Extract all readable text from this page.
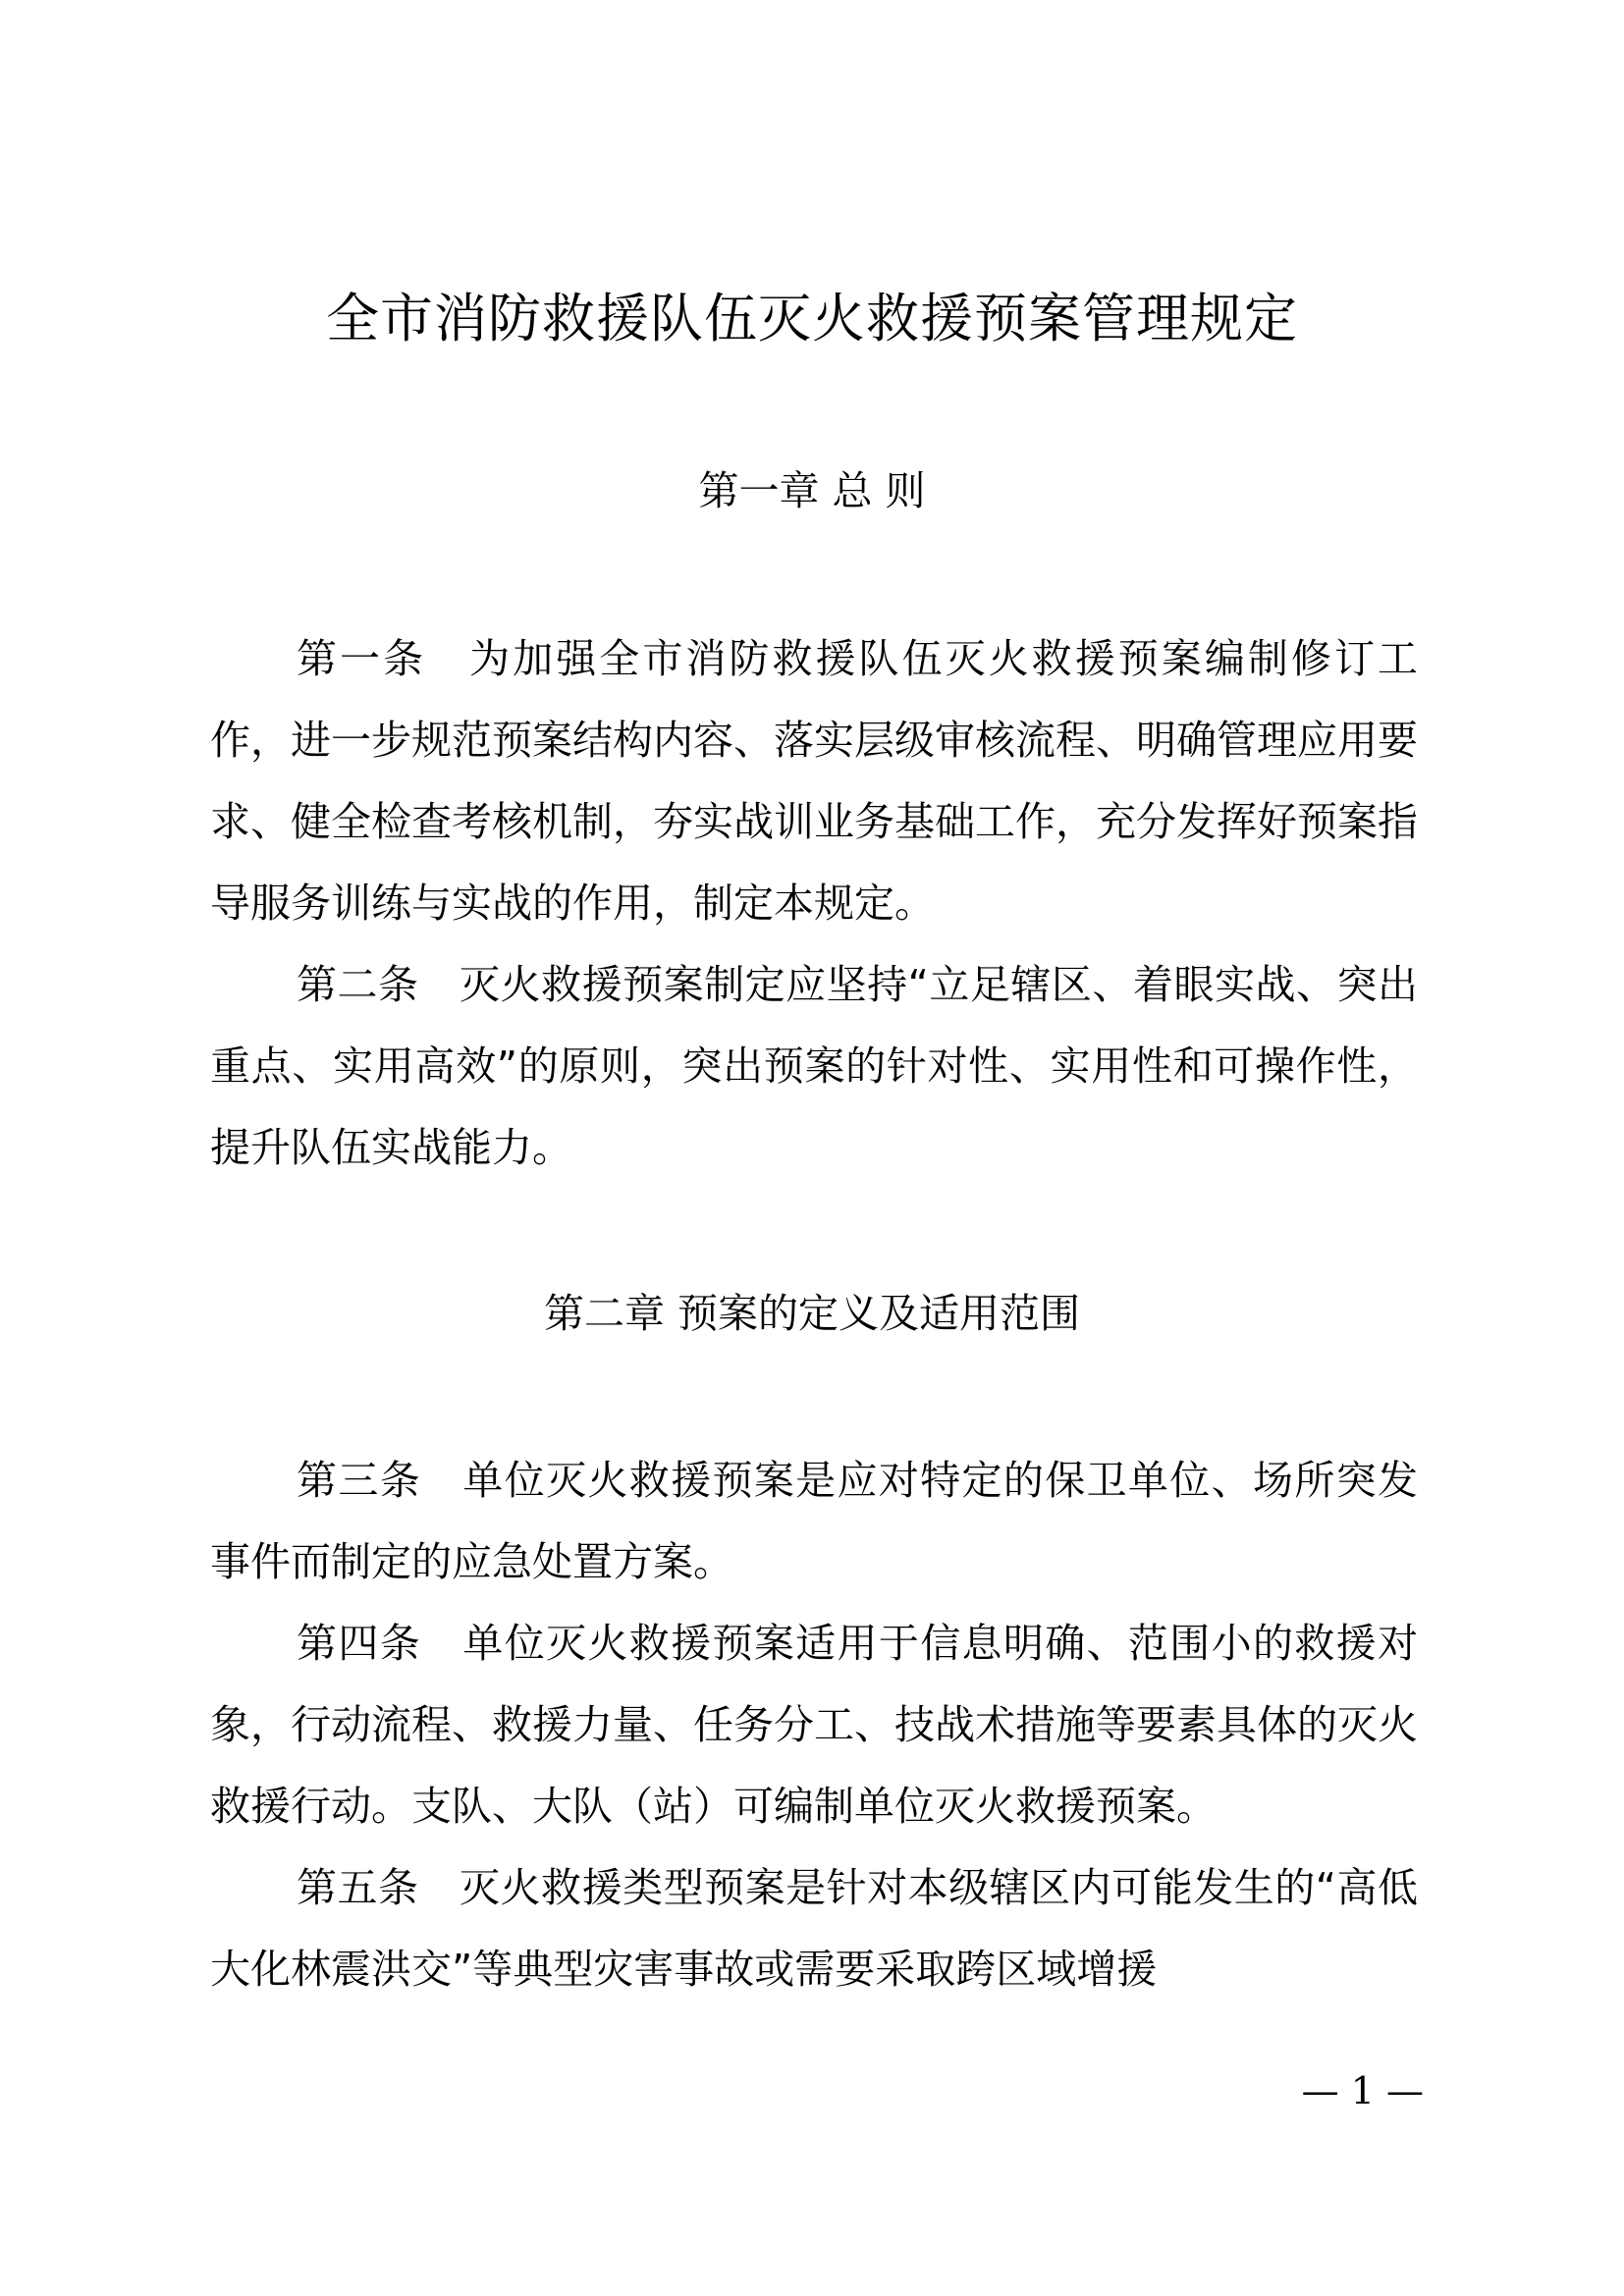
全市消防救援队伍灭火救援预案管理规定
第一章 总 则

第一条  为加强全市消防救援队伍灭火救援预案编制修订工作，进一步规范预案结构内容、落实层级审核流程、明确管理应用要求、健全检查考核机制，夯实战训业务基础工作，充分发挥好预案指导服务训练与实战的作用，制定本规定。

第二条  灭火救援预案制定应坚持“立足辖区、着眼实战、突出重点、实用高效”的原则，突出预案的针对性、实用性和可操作性，提升队伍实战能力。

第二章 预案的定义及适用范围

第三条  单位灭火救援预案是应对特定的保卫单位、场所突发事件而制定的应急处置方案。

第四条  单位灭火救援预案适用于信息明确、范围小的救援对象，行动流程、救援力量、任务分工、技战术措施等要素具体的灭火救援行动。支队、大队（站）可编制单位灭火救援预案。

第五条  灭火救援类型预案是针对本级辖区内可能发生的“高低大化林震洪交”等典型灾害事故或需要采取跨区域增援

— 1 —
